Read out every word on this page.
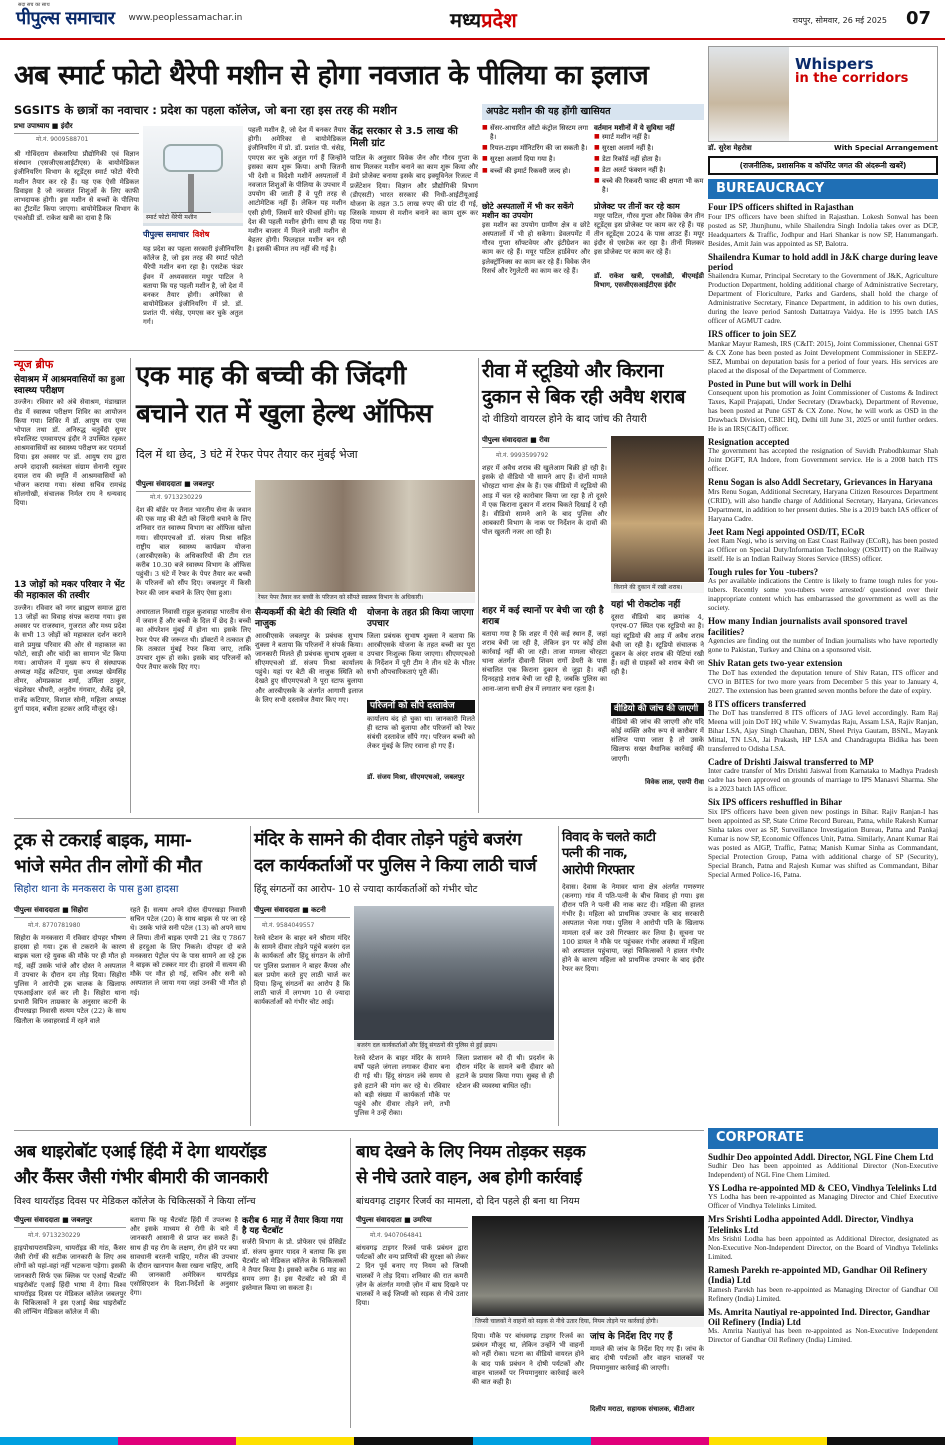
सदा सच का साथ
पीपुल्स समाचार www.peoplessamachar.in	मध्यप्रदेश	रायपुर, सोमवार, 26 मई 2025 07
अब स्मार्ट फोटो थैरेपी मशीन से होगा नवजात के पीलिया का इलाज
SGSITS के छात्रों का नवाचार : प्रदेश का पहला कॉलेज, जो बना रहा इस तरह की मशीन
प्रभा उपाध्याय ■ इंदौर
मो.नं. 9009588701
श्री गोविंदराम सेकसरिया प्रौद्योगिकी एवं विज्ञान संस्थान (एसजीएसआईटीएस) के बायोमेडिकल इंजीनियरिंग विभाग के स्टूडेंट्स स्मार्ट फोटो थैरेपी मशीन तैयार कर रहे हैं। यह एक ऐसी मेडिकल डिवाइस है जो नवजात शिशुओं के लिए काफी लाभदायक होगी। इस मशीन से बच्चों के पीलिया का ट्रीटमेंट किया जाएगा। बायोमेडिकल विभाग के एचओडी डॉ. राकेश खत्री का दावा है कि
पीपुल्स समाचार विशेष
यह प्रदेश का पहला सरकारी इंजीनियरिंग कॉलेज है, जो इस तरह की स्मार्ट फोटो थैरेपी मशीन बना रहा है। एसटेक फंडर ईवन में अध्यवसरल मथुर पाटिल ने बताया कि यह पहली मशीन है, जो देश में बनकर तैयार होगी। अमेरिका से बायोमेडिकल इंजीनियरिंग में प्रो. डॉ. प्रशांत पी. धंसेड़, एमएस कर चुके अतुल गर्ग।
स्मार्ट फोटो थैरेपी मशीन
पहली मशीन है, जो देश में बनकर तैयार होगी। अमेरिका से बायोमेडिकल इंजीनियरिंग में प्रो. डॉ. प्रशांत पी. धंसेड़, एमएस कर चुके अतुल गर्ग हैं जिन्होंने इसका काम शुरू किया। अभी जितनी भी देशी व विदेशी मशीनें अस्पतालों में नवजात शिशुओं के पीलिया के उपचार में उपयोग की जाती हैं वे पूरी तरह से आटोमेटिक नहीं हैं। लेकिन यह मशीन एसी होगी, जिसमें सारे फीचर्स होंगे। यह देश की पहली मशीन होगी। साथ ही यह मशीन बाजार में मिलने वाली मशीन से बेहतर होगी। फिलहाल मशीन बन रही है। इसकी कीमत तय नहीं की गई है।
केंद्र सरकार से 3.5 लाख की मिली ग्रांट
पाटिल के अनुसार विवेक जैन और गौरव गुप्ता के साथ मिलकर मशीन बनाने का काम शुरू किया और डेमो प्रोजेक्ट बनाया इसके बाद इक्यूविनेल रिजल्ट में प्रजेंटेशन दिया। विज्ञान और प्रौद्योगिकी विभाग (डीएसटी) भारत सरकार की निधी-आईटीयूआई योजना के तहत 3.5 लाख रुपए की ग्रांट दी गई, जिसके माध्यम से मशीन बनाने का काम शुरू कर दिया गया है।
अपडेट मशीन की यह होंगी खासियत
■ सेंसर-आधारित ऑटो कंट्रोल सिस्टम लगा है।
■ रियल-टाइम मॉनिटरिंग की जा सकती है।
■ सुरक्षा अलार्म दिया गया है।
■ बच्चों की इमार्ट रिकवरी जल्द हो।
वर्तमान मशीनों में ये सुविधा नहीं
■ स्मार्ट मशीन नहीं है।
■ सुरक्षा अलार्म नहीं है।
■ डेटा रिकॉर्ड नहीं होता है।
■ डेटा अलर्ट फंक्शन नहीं है।
■ बच्चे की रिकवरी फास्ट की क्षमता भी कम है।
छोटे अस्पतालों में भी कर सकेंगे मशीन का उपयोग
इस मशीन का उपयोग ग्रामीण क्षेत्र व छोटे अस्पतालों में भी हो सकेगा। डेवलपमेंट में गौरव गुप्ता सॉफ्टवेयर और इंटीग्रेशन का काम कर रहे हैं। मयूर पाटिल हार्डवेयर और इलेक्ट्रॉनिक्स का काम कर रहे हैं। विवेक जैन रिसर्च और रेगुलेटरी का काम कर रहे हैं।
प्रोजेक्ट पर तीनों कर रहे काम
मयूर पाटिल, गौरव गुप्ता और विवेक जैन तीन स्टूडेंट्स इस प्रोजेक्ट पर काम कर रहे हैं। यह तीन स्टूडेंट्स 2024 के पास आउट हैं। मयूर इंदौर से एसटेक कर रहा है। तीनों मिलकर इस प्रोजेक्ट पर काम कर रहे हैं।
डॉ. राकेश खत्री, एचओडी, बीएमईडी विभाग, एसजीएसआईटीएस इंदौर
न्यूज ब्रीफ
सेवाश्रम में आश्रमवासियों का हुआ स्वास्थ्य परीक्षण
उज्जैन। रविवार को अंबे सेवाश्रम, मंडाखाल रोड में स्वास्थ्य परीक्षण शिविर का आयोजन किया गया। शिविर में डॉ. आयुष राय एम्स भोपाल तथा डॉ. अनिरुद्ध चतुर्वेदी सुपर स्पेशलिस्ट एमवायएच इंदौर ने उपस्थित रहकर आश्रमवासियों का स्वास्थ्य परीक्षण कर परामर्श दिया। इस अवसर पर डॉ. आयुष राय द्वारा अपने दादाजी स्वतंत्रता संग्राम सेनानी रघुवर दयाल राय की स्मृति में आश्रमवासियों को भोजन कराया गया। संस्था सचिव रामचंद्र सोलगोखी, संचालक निर्मल राय ने धन्यवाद दिया।
13 जोड़ों को मकर परिवार ने भेंट की महाकाल की तस्वीर
उज्जैन। रविवार को नगर ब्राह्मण समाज द्वारा 13 जोड़ों का विवाह संपन्न कराया गया। इस अवसर पर राजस्थान, गुजरात और मध्य प्रदेश के सभी 13 जोड़ों को महाकाल दर्शन कराने वाले प्रमुख परिवार की ओर से महाकाल का फोटो, साड़ी और चांदी का सामान भेंट किया गया। आयोजन में मुख्य रूप से संस्थापक अध्यक्ष महेंद्र कटियार, युवा अध्यक्ष खेमसिंह तोमर, ओमप्रकाश शर्मा, उर्मिला ठाकुर, चंद्रशेखर चौधरी, अनुरोध गंगवार, शैलेंद्र दुबे, राजेंद्र कटियार, विशाल सोनी, महिला अध्यक्ष दुर्गा यादव, बबीता हटकर आदि मौजूद रहे।
एक माह की बच्ची की जिंदगी
बचाने रात में खुला हेल्थ ऑफिस
दिल में था छेद, 3 घंटे में रेफर पेपर तैयार कर मुंबई भेजा
पीपुल्स संवाददाता ■ जबलपुर
मो.नं. 9713230229
देश की बॉर्डर पर तैनात भारतीय सेना के जवान की एक माह की बेटी को जिंदगी बचाने के लिए शनिवार रात स्वास्थ्य विभाग का ऑफिस खोला गया। सीएमएचओ डॉ. संजय मिश्रा सहित राष्ट्रीय बाल स्वास्थ्य कार्यक्रम योजना (आरबीएसके) के अधिकारियों की टीम रात करीब 10.30 बजे स्वास्थ्य विभाग के ऑफिस पहुंची। 3 घंटे में रेफर के पेपर तैयार कर बच्ची के परिजनों को सौंप दिए। जबलपुर में किसी रेफर की जान बचाने के लिए ऐसा हुआ।
रेफर पेपर तैयार कर बच्ची के परिजन को सौंपते स्वास्थ्य विभाग के अधिकारी।
अधारताल निवासी राहुल कुशवाहा भारतीय सेना में जवान हैं और बच्ची के दिल में छेद है। बच्ची का ऑपरेशन मुंबई में होना था। इसके लिए रेफर पेपर की जरूरत थी। डॉक्टरों ने तत्काल ही कि तत्काल मुंबई रेफर किया जाए, ताकि उपचार शुरू हो सके। इसके बाद परिजनों को पेपर तैयार करके दिए गए।
सैन्यकर्मी की बेटी की स्थिति थी नाजुक
आरबीएसके जबलपुर के प्रबंधक सुभाष शुक्ला ने बताया कि परिजनों ने संपर्क किया। जानकारी मिलते ही प्रबंधक सुभाष शुक्ला व सीएमएचओ डॉ. संजय मिश्रा कार्यालय पहुंचे। यहां पर बेटी की नाजुक स्थिति को देखते हुए सीएमएचओ ने पूरा स्टाफ बुलाया और आरबीएसके के अंतर्गत आगामी इलाज के लिए सभी दस्तावेज तैयार किए गए।
योजना के तहत फ्री किया जाएगा उपचार
जिला प्रबंधक सुभाष शुक्ला ने बताया कि आरबीएसके योजना के तहत बच्ची का पूरा उपचार निःशुल्क किया जाएगा। सीएमएचओ के निर्देशन में पूरी टीम ने तीन घंटे के भीतर सभी औपचारिकताएं पूरी कीं।
परिजनों को सौंपे दस्तावेज
कार्यालय बंद हो चुका था। जानकारी मिलते ही स्टाफ को बुलाया और परिजनों को रेफर संबंधी दस्तावेज सौंपे गए। परिजन बच्ची को लेकर मुंबई के लिए रवाना हो गए हैं।
डॉ. संजय मिश्रा, सीएमएचओ, जबलपुर
रीवा में स्टूडियो और किराना
दुकान से बिक रही अवैध शराब
दो वीडियो वायरल होने के बाद जांच की तैयारी
पीपुल्स संवाददाता ■ रीवा
मो.नं. 9993599792
शहर में अवैध शराब की खुलेआम बिक्री हो रही है। इसके दो वीडियो भी सामने आए हैं। दोनों मामले चोरहटा थाना क्षेत्र के हैं। एक वीडियो में स्टूडियो की आड़ में चल रहे कारोबार किया जा रहा है तो दूसरे में एक किराना दुकान में शराब बिकते दिखाई दे रही है। वीडियो सामने आने के बाद पुलिस और आबकारी विभाग के नाक पर निर्देशन के दावों की पोल खुलती नजर आ रही है।
शहर में कई स्थानों पर बेची जा रही है शराब
बताया गया है कि शहर में ऐसे कई स्थान हैं, जहां शराब बेची जा रही है, लेकिन इन पर कोई ठोस कार्रवाई नहीं की जा रही। ताजा मामला चोरहटा थाना अंतर्गत दीवानी शिवम रागों डेयरी के पास संचालित एक किराना दुकान से जुड़ा है। वहीं दिनदहाड़े शराब बेची जा रही है, जबकि पुलिस का आना-जाना सभी क्षेत्र में लगातार बना रहता है।
किराने की दुकान में रखी शराब।
यहां भी रोकटोक नहीं
दूसरा वीडियो बाद क्रमांक 4, एनएच-07 स्थित एक स्टूडियो का है। यहां स्टूडियो की आड़ में अवैध शराब बेची जा रही है। स्टूडियो संचालक ने दुकान के अंदर शराब की पेटियां रखी हैं। वहीं से ग्राहकों को शराब बेची जा रही है।
वीडियो की जांच की जाएगी
वीडियो की जांच की जाएगी और यदि कोई व्यक्ति अवैध रूप से कारोबार में संलिप्त पाया जाता है तो उसके खिलाफ सख्त वैधानिक कार्रवाई की जाएगी।
विवेक लाल, एसपी रीवा
ट्रक से टकराई बाइक, मामा-
भांजे समेत तीन लोगों की मौत
सिहोरा थाना के मनकसरा के पास हुआ हादसा
पीपुल्स संवाददाता ■ सिहोरा
मो.नं. 8770781980
सिहोरा के मनकसरा में रविवार दोपहर भीषण हादसा हो गया। ट्रक से टकराने के कारण बाइक चला रहे युवक की मौके पर ही मौत हो गई, वहीं उसके भांजे और दोस्त ने अस्पताल में उपचार के दौरान दम तोड़ दिया। सिहोरा पुलिस ने आरोपी ट्रक चालक के खिलाफ एफआईआर दर्ज कर ली है। सिहोरा थाना प्रभारी विपिन ताम्रकार के अनुसार कटनी के दीपरखड़ा निवासी सत्यम पटेल (22) के साथ खितौला के जवाहरवार्ड में रहने वाले
रहते हैं। सत्यम अपने दोस्त दीपरखड़ा निवासी सचिन पटेल (20) के साथ बाइक से पर जा रहे थे। उसके भांजे सनी पटेल (13) को अपने साथ ले लिया। तीनों बाइक एमपी 21 जेड ए 7867 से हरदुआ के लिए निकले। दोपहर दो बजे मनकसरा पेट्रोल पंप के पास सामने आ रहे ट्रक ने बाइक को टक्कर मार दी। हादसे में सत्यम की मौके पर मौत हो गई, सचिन और सनी को अस्पताल ले जाया गया जहां उनकी भी मौत हो गई।
मंदिर के सामने की दीवार तोड़ने पहुंचे बजरंग
दल कार्यकर्ताओं पर पुलिस ने किया लाठी चार्ज
हिंदू संगठनों का आरोप- 10 से ज्यादा कार्यकर्ताओं को गंभीर चोट
पीपुल्स संवाददाता ■ कटनी
मो.नं. 9584049557
बजरंग दल कार्यकर्ताओं और हिंदू संगठनों की पुलिस से हुई झड़प।
रेलवे स्टेशन के बाहर बने श्रीराम मंदिर के सामने दीवार तोड़ने पहुंचे बजरंग दल के कार्यकर्ता और हिंदू संगठन के लोगों पर पुलिस प्रशासन ने बाहर कैंपस और बल प्रयोग करते हुए लाठी चार्ज कर दिया। हिन्दू संगठनों का आरोप है कि लाठी चार्ज में लगभग 10 से ज्यादा कार्यकर्ताओं को गंभीर चोट आई।
रेलवे स्टेशन के बाहर मंदिर के सामने वर्षों पहले जंगला लगाकर दीवार बना दी गई थी। हिंदू संगठन लंबे समय से इसे हटाने की मांग कर रहे थे। रविवार को बड़ी संख्या में कार्यकर्ता मौके पर पहुंचे और दीवार तोड़ने लगे, तभी पुलिस ने उन्हें रोका।
जिला प्रशासन को दी थी। प्रदर्शन के दौरान मंदिर के सामने बनी दीवार को हटाने के प्रयास किया गया। सुबह से ही स्टेशन की व्यवस्था बाधित रही।
विवाद के चलते काटी
पत्नी की नाक,
आरोपी गिरफ्तार
देवास। देवास के नेमावर थाना क्षेत्र अंतर्गत गणरुणर (कनगा) गांव में पति-पत्नी के बीच विवाद हो गया। इस दौरान पति ने पत्नी की नाक काट दी। महिला की हालत गंभीर है। महिला को प्राथमिक उपचार के बाद सरकारी अस्पताल भेजा गया। पुलिस ने आरोपी पति के खिलाफ मामला दर्ज कर उसे गिरफ्तार कर लिया है। सूचना पर 100 डायल ने मौके पर पहुंचकर गंभीर अवस्था में महिला को अस्पताल पहुंचाया, जहां चिकित्सकों ने हालत गंभीर होने के कारण महिला को प्राथमिक उपचार के बाद इंदौर रेफर कर दिया।
अब थाइरोबॉट एआई हिंदी में देगा थायरॉइड
और कैंसर जैसी गंभीर बीमारी की जानकारी
विश्व थायरॉइड दिवस पर मेडिकल कॉलेज के चिकित्सकों ने किया लॉन्च
पीपुल्स संवाददाता ■ जबलपुर
मो.नं. 9713230229
हाइपोथायरायडिज्म, थायरॉइड की गांठ, कैंसर जैसी रोगों की सटीक जानकारी के लिए अब लोगों को यहां-वहां नहीं भटकना पड़ेगा। इसकी जानकारी सिर्फ एक क्लिक पर एआई चैटबॉट थाइरोबॉट एआई हिंदी भाषा में देगा। विश्व थायरॉइड दिवस पर मेडिकल कॉलेज जबलपुर के चिकित्सकों ने इस एआई बेस्ड थाइरोबॉट की लॉन्चिंग मेडिकल कॉलेज में की।
बताया कि यह चैटबॉट हिंदी में उपलब्ध है और इसके माध्यम से रोगी के बारे में जानकारी आसानी से प्राप्त कर सकते हैं। साथ ही यह रोग के लक्षण, रोग होने पर क्या सावधानी बरतनी चाहिए, मरीज की उपचार के दौरान खानपान कैसा रखना चाहिए, आदि की जानकारी अमेरिकन थायरॉइड एसोसिएशन के दिशा-निर्देशों के अनुसार देगा।
करीब 6 माह में तैयार किया गया है यह चैटबॉट
सर्जरी विभाग के प्रो. प्रोफेसर एवं प्रेसिडेंट डॉ. संजय कुमार यादव ने बताया कि इस चैटबॉट को मेडिकल कॉलेज के चिकित्सकों ने तैयार किया है। इसको करीब 6 माह का समय लगा है। इस चैटबॉट को फ्री में इस्तेमाल किया जा सकता है।
बाघ देखने के लिए नियम तोड़कर सड़क
से नीचे उतारे वाहन, अब होगी कार्रवाई
बांधवगढ़ टाइगर रिजर्व का मामला, दो दिन पहले ही बना था नियम
पीपुल्स संवाददाता ■ उमरिया
मो.नं. 9407064841
बांधवगढ़ टाइगर रिजर्व पार्क प्रबंधन द्वारा पर्यटकों और वन्य प्राणियों की सुरक्षा को लेकर 2 दिन पूर्व बनाए गए नियम को जिप्सी चालकों ने तोड़ दिया। शनिवार की रात कमरी ज़ोन के अंतर्गत मगधी ज़ोन में बाघ दिखने पर चालकों ने कई जिप्सी को सड़क से नीचे उतार दिया।
जिप्सी चालकों ने वाहनों को सड़क से नीचे उतार दिया, नियम तोड़ने पर कार्रवाई होगी।
दिया। मौके पर बांधवगढ़ टाइगर रिजर्व का प्रबंधन मौजूद था, लेकिन उन्होंने भी वाहनों को नहीं रोका। घटना का वीडियो वायरल होने के बाद पार्क प्रबंधन ने दोषी पर्यटकों और वाहन चालकों पर नियमानुसार कार्रवाई करने की बात कही है।
जांच के निर्देश दिए गए हैं
मामले की जांच के निर्देश दिए गए हैं। जांच के बाद दोषी पर्यटकों और वाहन चालकों पर नियमानुसार कार्रवाई की जाएगी।
दिलीप मराठा, सहायक संचालक, बीटीआर
Whispers
in the corridors
डॉ. सुरेश मेहरोत्रा	With Special Arrangement
(राजनीतिक, प्रशासनिक व कॉर्पोरेट जगत की अंदरूनी खबरें)
BUREAUCRACY
Four IPS officers shifted in Rajasthan
Four IPS officers have been shifted in Rajasthan. Lokesh Sonwal has been posted as SP, Jhunjhunu, while Shailendra Singh Indolia takes over as DCP, Headquarters & Traffic, Jodhpur and Hari Shankar is now SP, Hanumangarh. Besides, Amit Jain was appointed as SP, Balotra.
Shailendra Kumar to hold addl in J&K charge during leave period
Shailendra Kumar, Principal Secretary to the Government of J&K, Agriculture Production Department, holding additional charge of Administrative Secretary, Department of Floriculture, Parks and Gardens, shall hold the charge of Administrative Secretary, Finance Department, in addition to his own duties, during the leave period Santosh Dattatraya Vaidya. He is 1995 batch IAS officer of AGMUT cadre.
IRS officer to join SEZ
Mankar Mayur Ramesh, IRS (C&IT: 2015), Joint Commissioner, Chennai GST & CX Zone has been posted as Joint Development Commissioner in SEEPZ-SEZ, Mumbai on deputation basis for a period of four years. His services are placed at the disposal of the Department of Commerce.
Posted in Pune but will work in Delhi
Consequent upon his promotion as Joint Commissioner of Customs & Indirect Taxes, Kapil Prajapati, Under Secretary (Drawback), Department of Revenue, has been posted at Pune GST & CX Zone. Now, he will work as OSD in the Drawback Division, CBIC HQ, Delhi till June 31, 2025 or until further orders. He is an IRS(C&IT) officer.
Resignation accepted
The government has accepted the resignation of Suvidh Prabodhkumar Shah Joint DGFT, RA Indore, from Government service. He is a 2008 batch ITS officer.
Renu Sogan is also Addl Secretary, Grievances in Haryana
Mrs Renu Sogan, Additional Secretary, Haryana Citizen Resources Department (CRID), will also handle charge of Additional Secretary, Haryana, Grievances Department, in addition to her present duties. She is a 2019 batch IAS officer of Haryana Cadre.
Jeet Ram Negi appointed OSD/IT, ECoR
Jeet Ram Negi, who is serving on East Coast Railway (ECoR), has been posted as Officer on Special Duty/Information Technology (OSD/IT) on the Railway itself. He is an Indian Railway Stores Service (IRSS) officer.
Tough rules for You -tubers?
As per available indications the Centre is likely to frame tough rules for you-tubers. Recently some you-tubers were arrested/ questioned over their inappropriate content which has embarrassed the government as well as the society.
How many Indian journalists avail sponsored travel facilities?
Agencies are finding out the number of Indian journalists who have reportedly gone to Pakistan, Turkey and China on a sponsored visit.
Shiv Ratan gets two-year extension
The DoT has extended the deputation tenure of Shiv Ratan, ITS officer and CVO in BITES for two more years from December 5 this year to January 4, 2027. The extension has been granted seven months before the date of expiry.
8 ITS officers transferred
The DoT has transferred 8 ITS officers of JAG level accordingly. Ram Raj Meena will join DoT HQ while V. Swamydas Raju, Assam LSA, Rajiv Ranjan, Bihar LSA, Ajay Singh Chauhan, DBN, Sheel Priya Gautam, BSNL, Mayank Mittal, TN LSA, Jai Prakash, HP LSA and Chandragupta Bidika has been transferred to Odisha LSA.
Cadre of Drishti Jaiswal transferred to MP
Inter cadre transfer of Mrs Drishti Jaiswal from Karnataka to Madhya Pradesh cadre has been approved on grounds of marriage to IPS Manasvi Sharma. She is a 2023 batch IAS officer.
Six IPS officers reshuffled in Bihar
Six IPS officers have been given new postings in Bihar. Rajiv Ranjan-I has been appointed as SP, State Crime Record Bureau, Patna, while Rakesh Kumar Sinha takes over as SP, Surveillance Investigation Bureau, Patna and Pankaj Kumar is now SP, Economic Offences Unit, Patna. Similarly, Anant Kumar Rai was posted as AIGP, Traffic, Patna; Manish Kumar Sinha as Commandant, Special Protection Group, Patna with additional charge of SP (Security), Special Branch, Patna and Rajesh Kumar was shifted as Commandant, Bihar Special Armed Police-16, Patna.
CORPORATE
Sudhir Deo appointed Addl. Director, NGL Fine Chem Ltd
Sudhir Deo has been appointed as Additional Director (Non-Executive Independent) of NGL Fine Chem Limited.
YS Lodha re-appointed MD & CEO, Vindhya Telelinks Ltd
YS Lodha has been re-appointed as Managing Director and Chief Executive Officer of Vindhya Telelinks Limited.
Mrs Srishti Lodha appointed Addl. Director, Vindhya Telelinks Ltd
Mrs Srishti Lodha has been appointed as Additional Director, designated as Non-Executive Non-Independent Director, on the Board of Vindhya Telelinks Limited.
Ramesh Parekh re-appointed MD, Gandhar Oil Refinery (India) Ltd
Ramesh Parekh has been re-appointed as Managing Director of Gandhar Oil Refinery (India) Limited.
Ms. Amrita Nautiyal re-appointed Ind. Director, Gandhar Oil Refinery (India) Ltd
Ms. Amrita Nautiyal has been re-appointed as Non-Executive Independent Director of Gandhar Oil Refinery (India) Limited.
